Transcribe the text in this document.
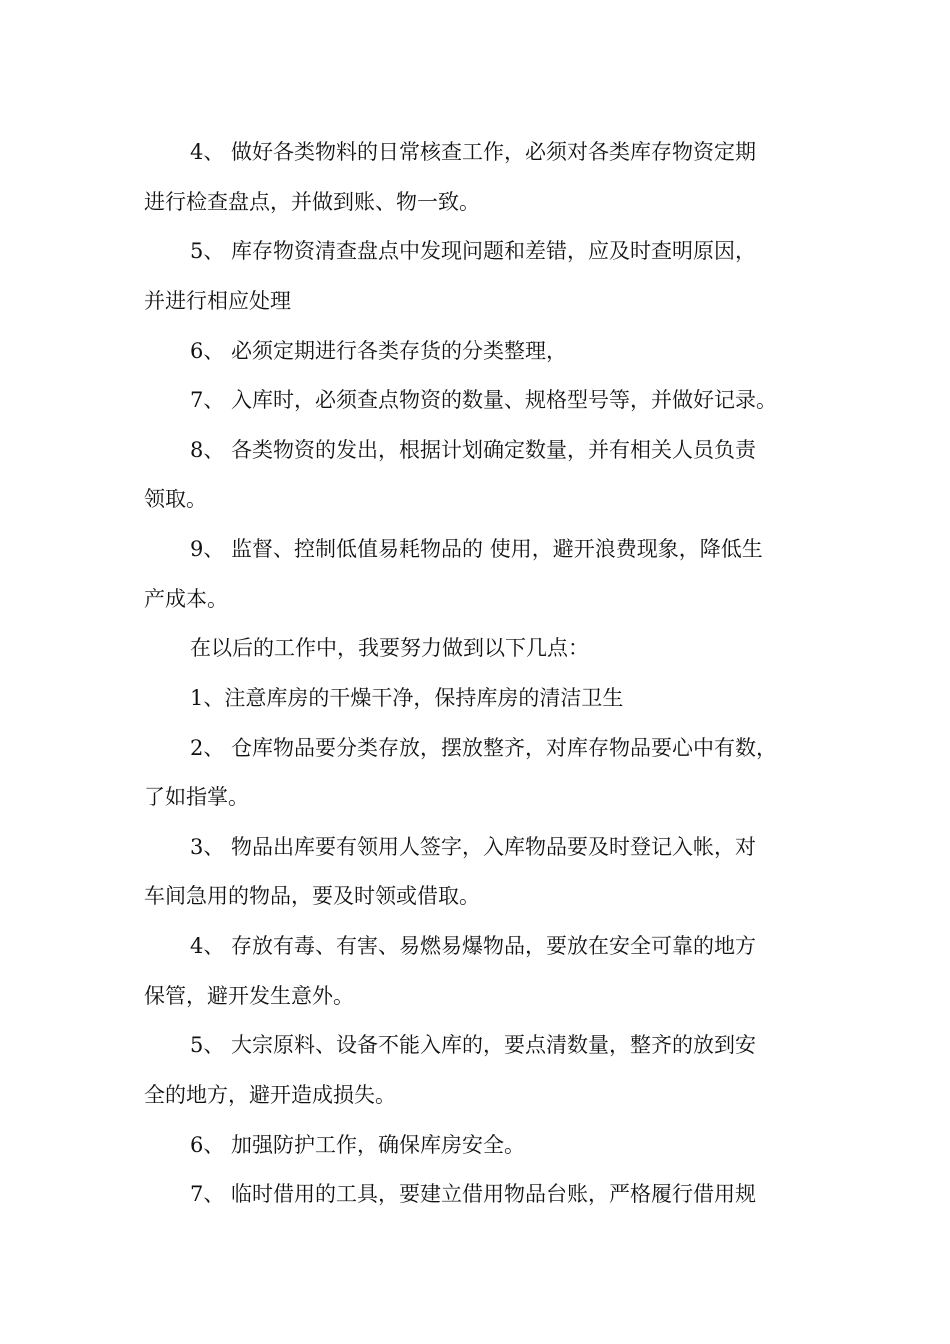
4、 做好各类物料的日常核查工作，必须对各类库存物资定期
进行检查盘点，并做到账、物一致。
5、 库存物资清查盘点中发现问题和差错，应及时查明原因，
并进行相应处理
6、 必须定期进行各类存货的分类整理，
7、 入库时，必须查点物资的数量、规格型号等，并做好记录。
8、 各类物资的发出，根据计划确定数量，并有相关人员负责
领取。
9、 监督、控制低值易耗物品的 使用，避开浪费现象，降低生
产成本。
在以后的工作中，我要努力做到以下几点：
1、注意库房的干燥干净，保持库房的清洁卫生
2、 仓库物品要分类存放，摆放整齐，对库存物品要心中有数，
了如指掌。
3、 物品出库要有领用人签字，入库物品要及时登记入帐，对
车间急用的物品，要及时领或借取。
4、 存放有毒、有害、易燃易爆物品，要放在安全可靠的地方
保管，避开发生意外。
5、 大宗原料、设备不能入库的，要点清数量，整齐的放到安
全的地方，避开造成损失。
6、 加强防护工作，确保库房安全。
7、 临时借用的工具，要建立借用物品台账，严格履行借用规
